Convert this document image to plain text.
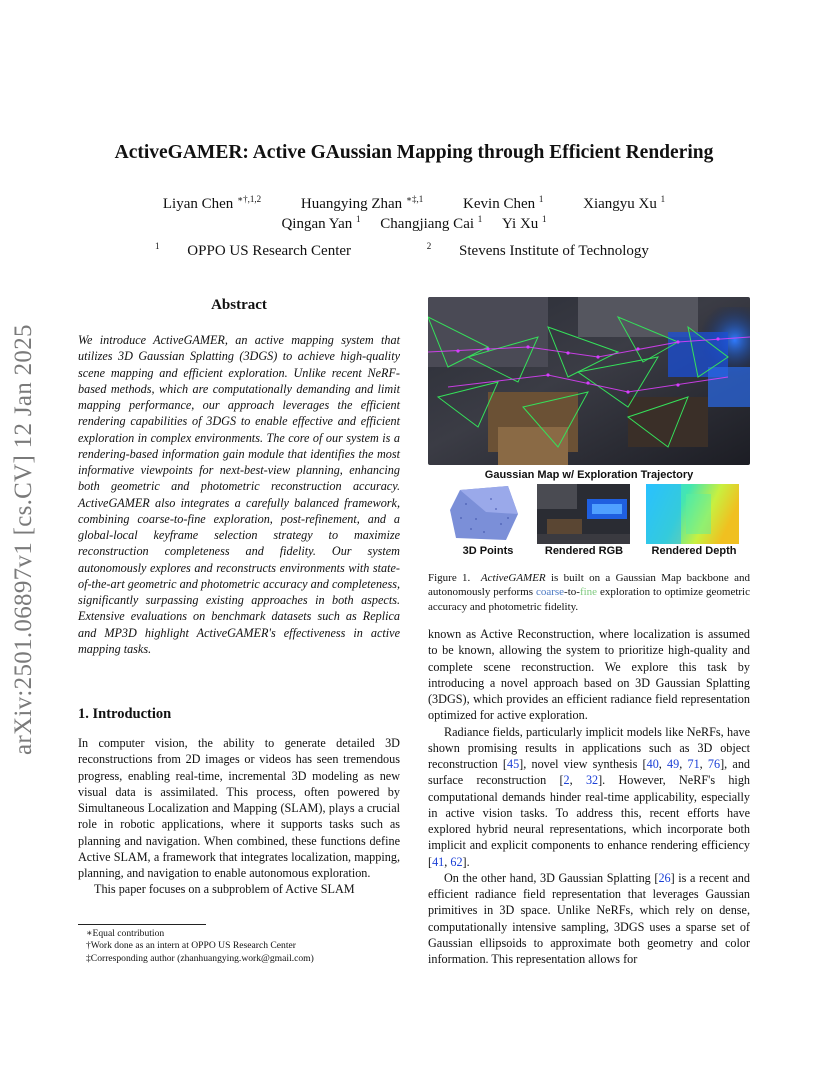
arXiv:2501.06897v1 [cs.CV] 12 Jan 2025
ActiveGAMER: Active GAussian Mapping through Efficient Rendering
Liyan Chen $^{∗\dagger,1,2}$	Huangying Zhan $^{∗\ddagger,1}$	Kevin Chen $^1$	Xiangyu Xu $^1$
Qingan Yan $^1$ Changjiang Cai $^1$ Yi Xu $^1$
$^1$ OPPO US Research Center	$^2$ Stevens Institute of Technology
Abstract
We introduce ActiveGAMER, an active mapping system that utilizes 3D Gaussian Splatting (3DGS) to achieve high-quality scene mapping and efficient exploration. Unlike recent NeRF-based methods, which are computationally demanding and limit mapping performance, our approach leverages the efficient rendering capabilities of 3DGS to enable effective and efficient exploration in complex environments. The core of our system is a rendering-based information gain module that identifies the most informative viewpoints for next-best-view planning, enhancing both geometric and photometric reconstruction accuracy. ActiveGAMER also integrates a carefully balanced framework, combining coarse-to-fine exploration, post-refinement, and a global-local keyframe selection strategy to maximize reconstruction completeness and fidelity. Our system autonomously explores and reconstructs environments with state-of-the-art geometric and photometric accuracy and completeness, significantly surpassing existing approaches in both aspects. Extensive evaluations on benchmark datasets such as Replica and MP3D highlight ActiveGAMER's effectiveness in active mapping tasks.
1. Introduction

In computer vision, the ability to generate detailed 3D reconstructions from 2D images or videos has seen tremendous progress, enabling real-time, incremental 3D modeling as new visual data is assimilated. This process, often powered by Simultaneous Localization and Mapping (SLAM), plays a crucial role in robotic applications, where it supports tasks such as planning and navigation. When combined, these functions define Active SLAM, a framework that integrates localization, mapping, planning, and navigation to enable autonomous exploration.

This paper focuses on a subproblem of Active SLAM

∗Equal contribution
†Work done as an intern at OPPO US Research Center
‡Corresponding author (zhanhuangying.work@gmail.com)
Gaussian Map w/ Exploration Trajectory
3D Points	Rendered RGB	Rendered Depth
Figure 1. ActiveGAMER is built on a Gaussian Map backbone and autonomously performs coarse-to-fine exploration to optimize geometric accuracy and photometric fidelity.

known as Active Reconstruction, where localization is assumed to be known, allowing the system to prioritize high-quality and complete scene reconstruction. We explore this task by introducing a novel approach based on 3D Gaussian Splatting (3DGS), which provides an efficient radiance field representation optimized for active exploration.

Radiance fields, particularly implicit models like NeRFs, have shown promising results in applications such as 3D object reconstruction [45], novel view synthesis [40, 49, 71, 76], and surface reconstruction [2, 32]. However, NeRF's high computational demands hinder real-time applicability, especially in active vision tasks. To address this, recent efforts have explored hybrid neural representations, which incorporate both implicit and explicit components to enhance rendering efficiency [41, 62].

On the other hand, 3D Gaussian Splatting [26] is a recent and efficient radiance field representation that leverages Gaussian primitives in 3D space. Unlike NeRFs, which rely on dense, computationally intensive sampling, 3DGS uses a sparse set of Gaussian ellipsoids to approximate both geometry and color information. This representation allows for
